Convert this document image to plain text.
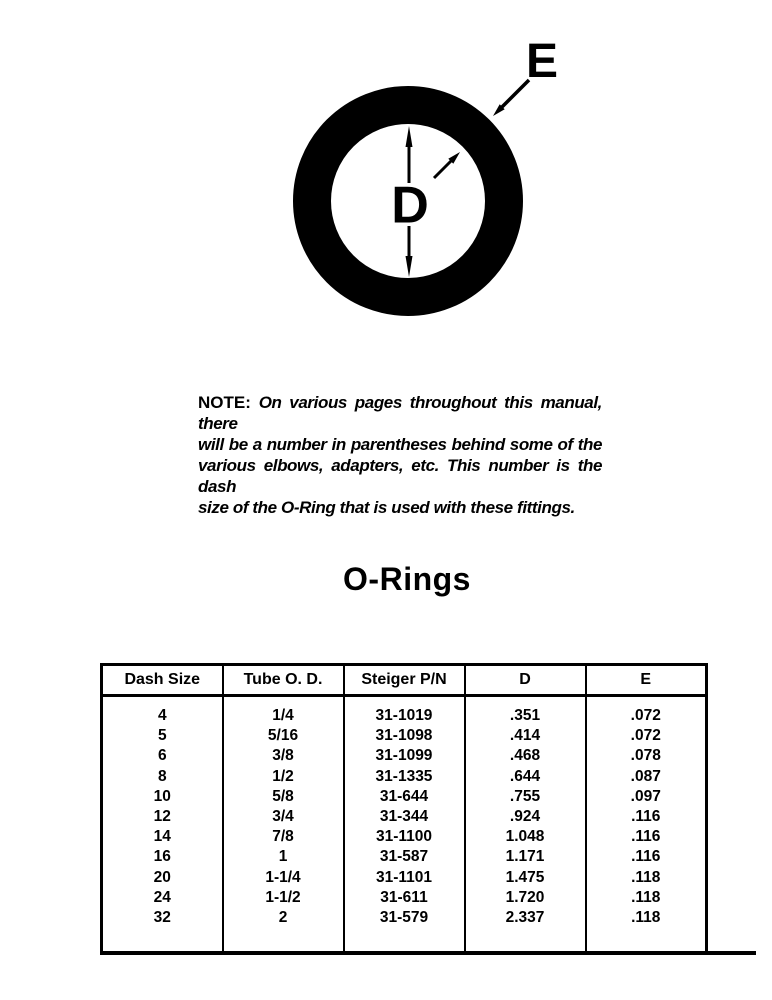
D
E
NOTE: On various pages throughout this manual, there
will be a number in parentheses behind some of the
various elbows, adapters, etc. This number is the dash
size of the O-Ring that is used with these fittings.
O-Rings
Dash Size	Tube O. D.	Steiger P/N	D	E
4	1/4	31-1019	.351	.072
5	5/16	31-1098	.414	.072
6	3/8	31-1099	.468	.078
8	1/2	31-1335	.644	.087
10	5/8	31-644	.755	.097
12	3/4	31-344	.924	.116
14	7/8	31-1100	1.048	.116
16	1	31-587	1.171	.116
20	1-1/4	31-1101	1.475	.118
24	1-1/2	31-611	1.720	.118
32	2	31-579	2.337	.118
